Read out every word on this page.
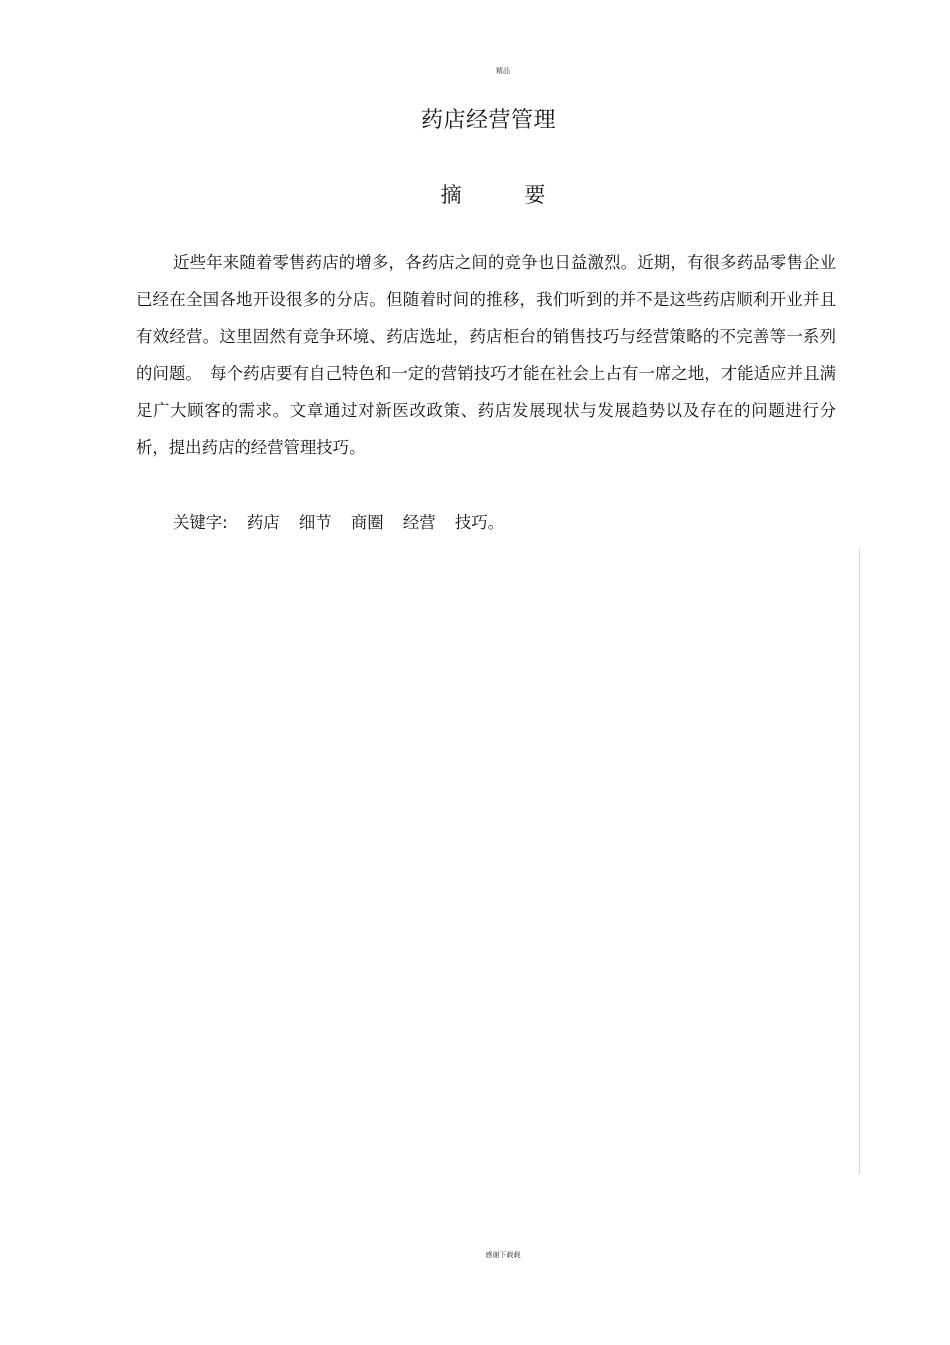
精品
药店经营管理
摘 要

近些年来随着零售药店的增多，各药店之间的竞争也日益激烈。近期，有很多药品零售企业已经在全国各地开设很多的分店。但随着时间的推移，我们听到的并不是这些药店顺利开业并且有效经营。这里固然有竞争环境、药店选址，药店柜台的销售技巧与经营策略的不完善等一系列的问题。　每个药店要有自己特色和一定的营销技巧才能在社会上占有一席之地，才能适应并且满足广大顾客的需求。文章通过对新医改政策、药店发展现状与发展趋势以及存在的问题进行分析，提出药店的经营管理技巧。

关键字: 药店 细节 商圈 经营 技巧。
感谢下载载
